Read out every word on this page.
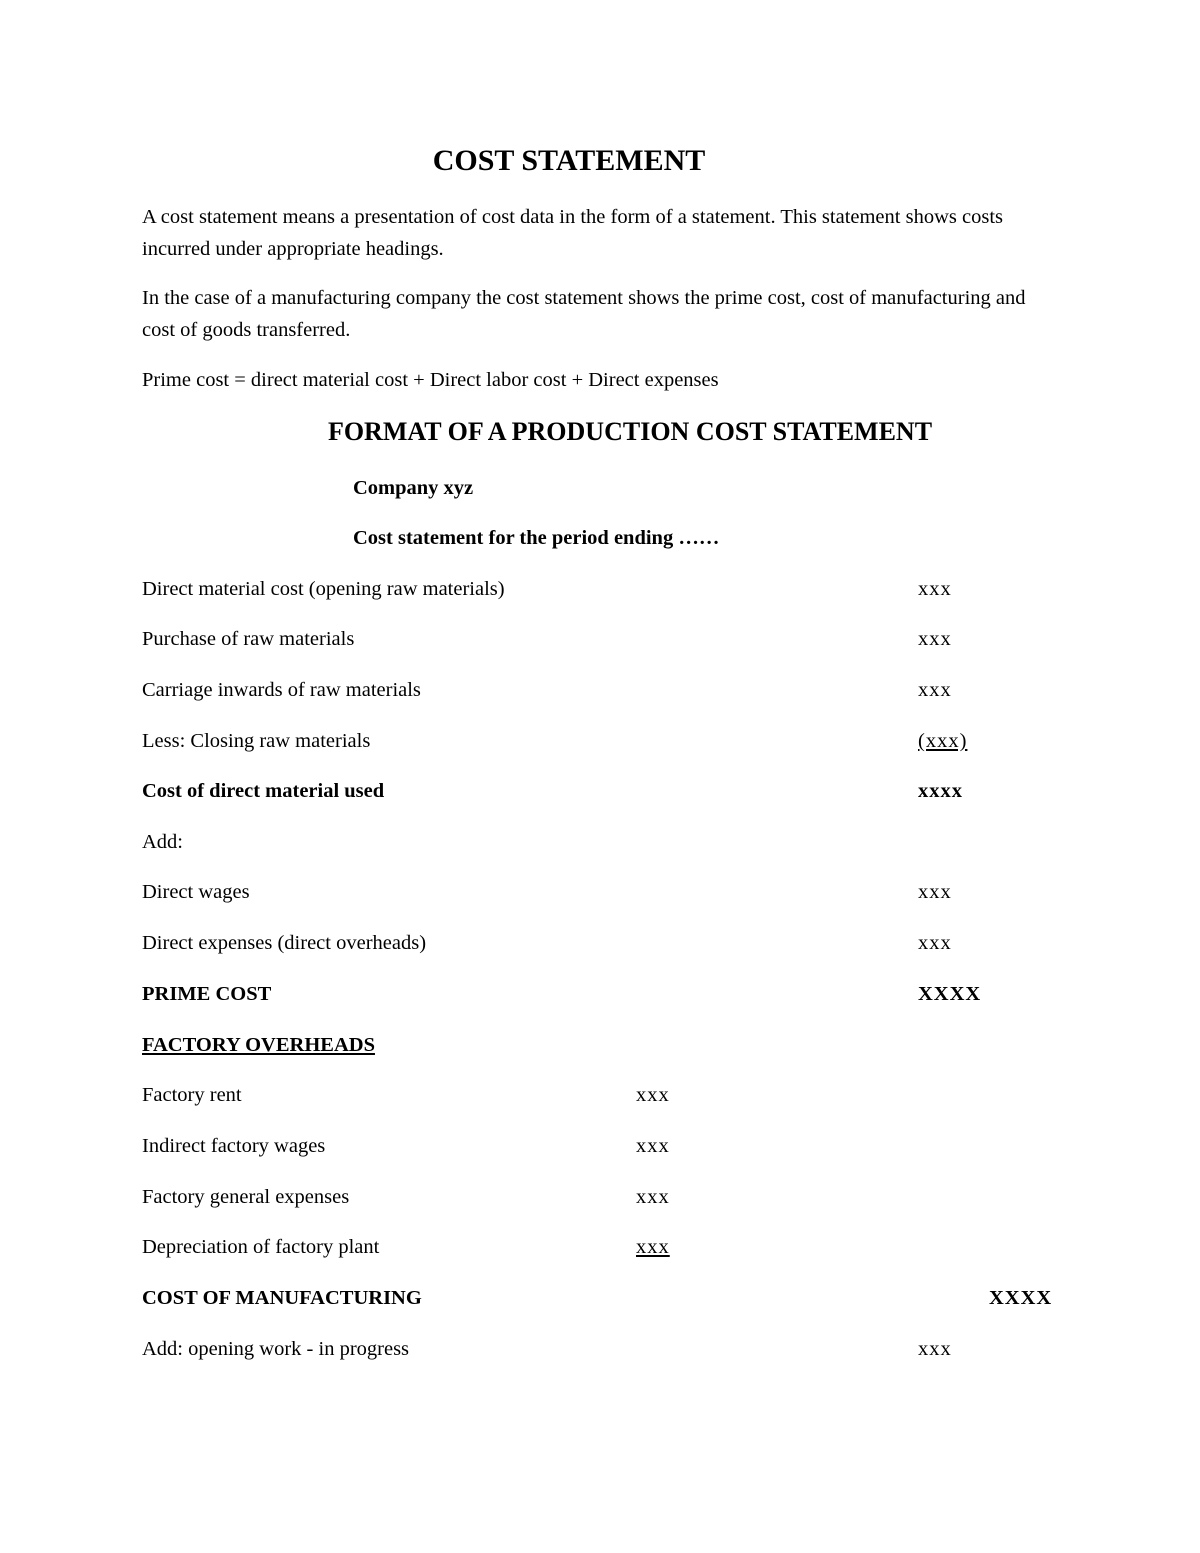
COST STATEMENT
A cost statement means a presentation of cost data in the form of a statement. This statement shows costs incurred under appropriate headings.
In the case of a manufacturing company the cost statement shows the prime cost, cost of manufacturing and cost of goods transferred.
Prime cost = direct material cost + Direct labor cost + Direct expenses
FORMAT OF A PRODUCTION COST STATEMENT
Company xyz
Cost statement for the period ending ……
Direct material cost (opening raw materials)	xxx
Purchase of raw materials	xxx
Carriage inwards of raw materials	xxx
Less: Closing raw materials	(xxx)
Cost of direct material used	xxxx
Add:
Direct wages	xxx
Direct expenses (direct overheads)	xxx
PRIME COST	XXXX
FACTORY OVERHEADS
Factory rent	xxx
Indirect factory wages	xxx
Factory general expenses	xxx
Depreciation of factory plant	xxx
COST OF MANUFACTURING	XXXX
Add: opening work - in progress	xxx
